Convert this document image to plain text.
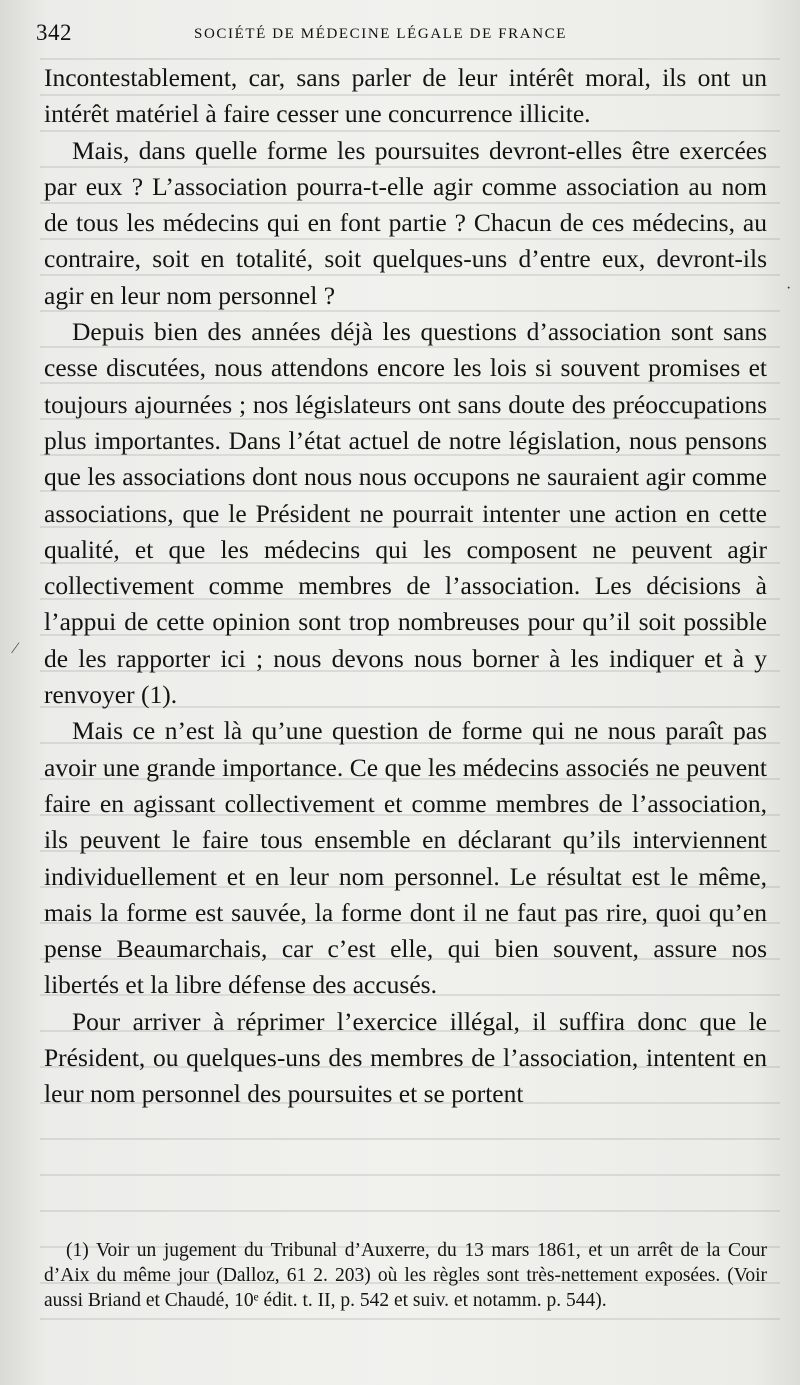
342	SOCIÉTÉ DE MÉDECINE LÉGALE DE FRANCE

Incontestablement, car, sans parler de leur intérêt moral, ils ont un intérêt matériel à faire cesser une concurrence illicite.

Mais, dans quelle forme les poursuites devront-elles être exercées par eux ? L’association pourra-t-elle agir comme association au nom de tous les médecins qui en font partie ? Chacun de ces médecins, au contraire, soit en totalité, soit quelques-uns d’entre eux, devront-ils agir en leur nom personnel ?

Depuis bien des années déjà les questions d’association sont sans cesse discutées, nous attendons encore les lois si souvent promises et toujours ajournées ; nos législateurs ont sans doute des préoccupations plus importantes. Dans l’état actuel de notre législation, nous pensons que les associations dont nous nous occupons ne sauraient agir comme associations, que le Président ne pourrait intenter une action en cette qualité, et que les médecins qui les composent ne peuvent agir collectivement comme membres de l’association. Les décisions à l’appui de cette opinion sont trop nombreuses pour qu’il soit possible de les rapporter ici ; nous devons nous borner à les indiquer et à y renvoyer (1).

Mais ce n’est là qu’une question de forme qui ne nous paraît pas avoir une grande importance. Ce que les médecins associés ne peuvent faire en agissant collectivement et comme membres de l’association, ils peuvent le faire tous ensemble en déclarant qu’ils interviennent individuellement et en leur nom personnel. Le résultat est le même, mais la forme est sauvée, la forme dont il ne faut pas rire, quoi qu’en pense Beaumarchais, car c’est elle, qui bien souvent, assure nos libertés et la libre défense des accusés.

Pour arriver à réprimer l’exercice illégal, il suffira donc que le Président, ou quelques-uns des membres de l’association, intentent en leur nom personnel des poursuites et se portent

(1) Voir un jugement du Tribunal d’Auxerre, du 13 mars 1861, et un arrêt de la Cour d’Aix du même jour (Dalloz, 61 2. 203) où les règles sont très-nettement exposées. (Voir aussi Briand et Chaudé, 10ᵉ édit. t. II, p. 542 et suiv. et notamm. p. 544).
⁄
·
